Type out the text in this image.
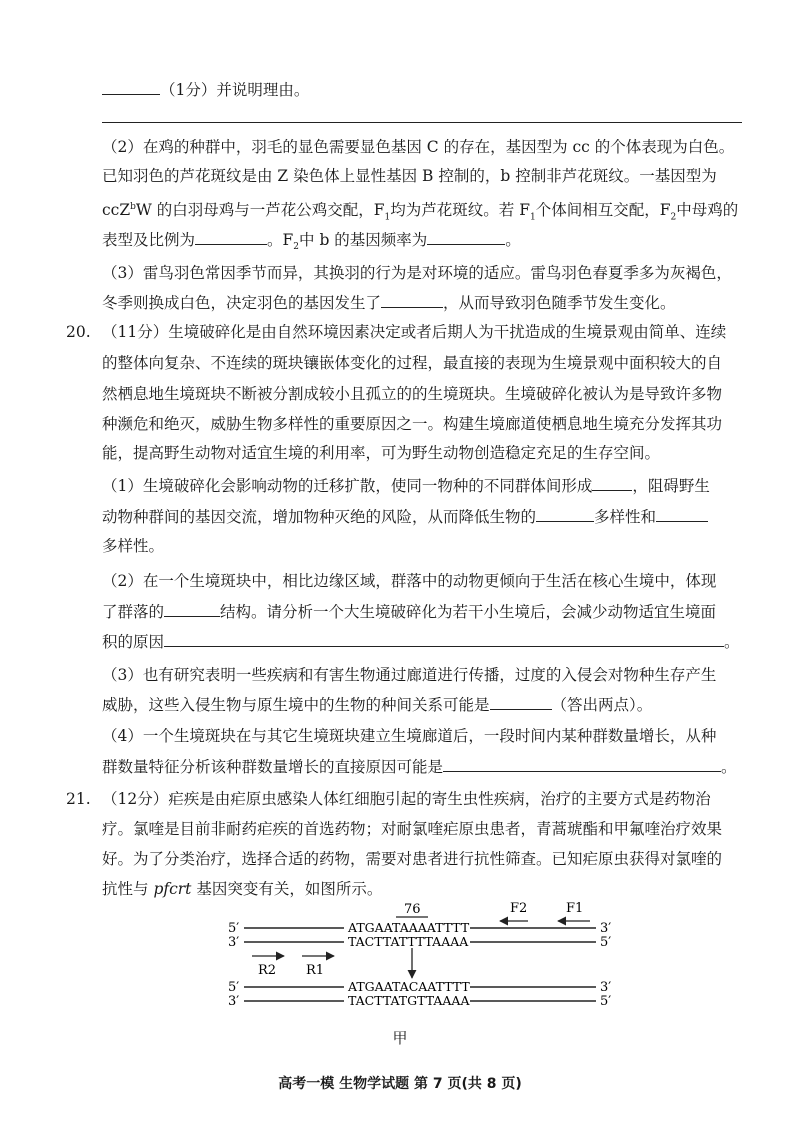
（1分）并说明理由。
（2）在鸡的种群中，羽毛的显色需要显色基因 C 的存在，基因型为 cc 的个体表现为白色。
已知羽色的芦花斑纹是由 Z 染色体上显性基因 B 控制的，b 控制非芦花斑纹。一基因型为
ccZ$^b$W 的白羽母鸡与一芦花公鸡交配，$F_1$均为芦花斑纹。若 $F_1$个体间相互交配，$F_2$中母鸡的
表型及比例为	。$F_2$中 b 的基因频率为	。
（3）雷鸟羽色常因季节而异，其换羽的行为是对环境的适应。雷鸟羽色春夏季多为灰褐色，
冬季则换成白色，决定羽色的基因发生了	，从而导致羽色随季节发生变化。
20. （11分）生境破碎化是由自然环境因素决定或者后期人为干扰造成的生境景观由简单、连续
的整体向复杂、不连续的斑块镶嵌体变化的过程，最直接的表现为生境景观中面积较大的自
然栖息地生境斑块不断被分割成较小且孤立的的生境斑块。生境破碎化被认为是导致许多物
种濒危和绝灭，威胁生物多样性的重要原因之一。构建生境廊道使栖息地生境充分发挥其功
能，提高野生动物对适宜生境的利用率，可为野生动物创造稳定充足的生存空间。
（1）生境破碎化会影响动物的迁移扩散，使同一物种的不同群体间形成	，阻碍野生
动物种群间的基因交流，增加物种灭绝的风险，从而降低生物的	多样性和
多样性。
（2）在一个生境斑块中，相比边缘区域，群落中的动物更倾向于生活在核心生境中，体现
了群落的	结构。请分析一个大生境破碎化为若干小生境后，会减少动物适宜生境面
积的原因	。
（3）也有研究表明一些疾病和有害生物通过廊道进行传播，过度的入侵会对物种生存产生
威胁，这些入侵生物与原生境中的生物的种间关系可能是	（答出两点）。
（4）一个生境斑块在与其它生境斑块建立生境廊道后，一段时间内某种群数量增长，从种
群数量特征分析该种群数量增长的直接原因可能是	。
21. （12分）疟疾是由疟原虫感染人体红细胞引起的寄生虫性疾病，治疗的主要方式是药物治
疗。氯喹是目前非耐药疟疾的首选药物；对耐氯喹疟原虫患者，青蒿琥酯和甲氟喹治疗效果
好。为了分类治疗，选择合适的药物，需要对患者进行抗性筛查。已知疟原虫获得对氯喹的
抗性与 pfcrt 基因突变有关，如图所示。
76	F2	F1
5′	ATGAATAAAATTTT	3′
3′	TACTTATTTTAAAA	5′
R2 R1
5′	ATGAATACAATTTT	3′
3′	TACTTATGTTAAAA	5′
甲
高考一模 生物学试题 第 7 页(共 8 页)
